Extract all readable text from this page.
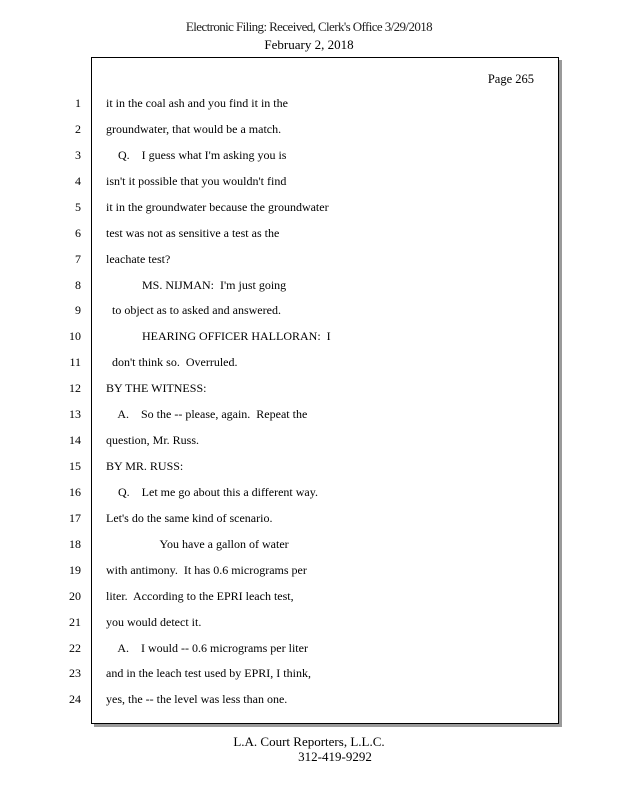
Electronic Filing: Received, Clerk's Office 3/29/2018
February 2, 2018
Page 265
1 it in the coal ash and you find it in the
2 groundwater, that would be a match.
3 Q.    I guess what I'm asking you is
4 isn't it possible that you wouldn't find
5 it in the groundwater because the groundwater
6 test was not as sensitive a test as the
7 leachate test?
8 MS. NIJMAN:  I'm just going
9 to object as to asked and answered.
10 HEARING OFFICER HALLORAN:  I
11 don't think so.  Overruled.
12 BY THE WITNESS:
13 A.    So the -- please, again.  Repeat the
14 question, Mr. Russ.
15 BY MR. RUSS:
16 Q.    Let me go about this a different way.
17 Let's do the same kind of scenario.
18 You have a gallon of water
19 with antimony.  It has 0.6 micrograms per
20 liter.  According to the EPRI leach test,
21 you would detect it.
22 A.    I would -- 0.6 micrograms per liter
23 and in the leach test used by EPRI, I think,
24 yes, the -- the level was less than one.
L.A. Court Reporters, L.L.C.
312-419-9292
